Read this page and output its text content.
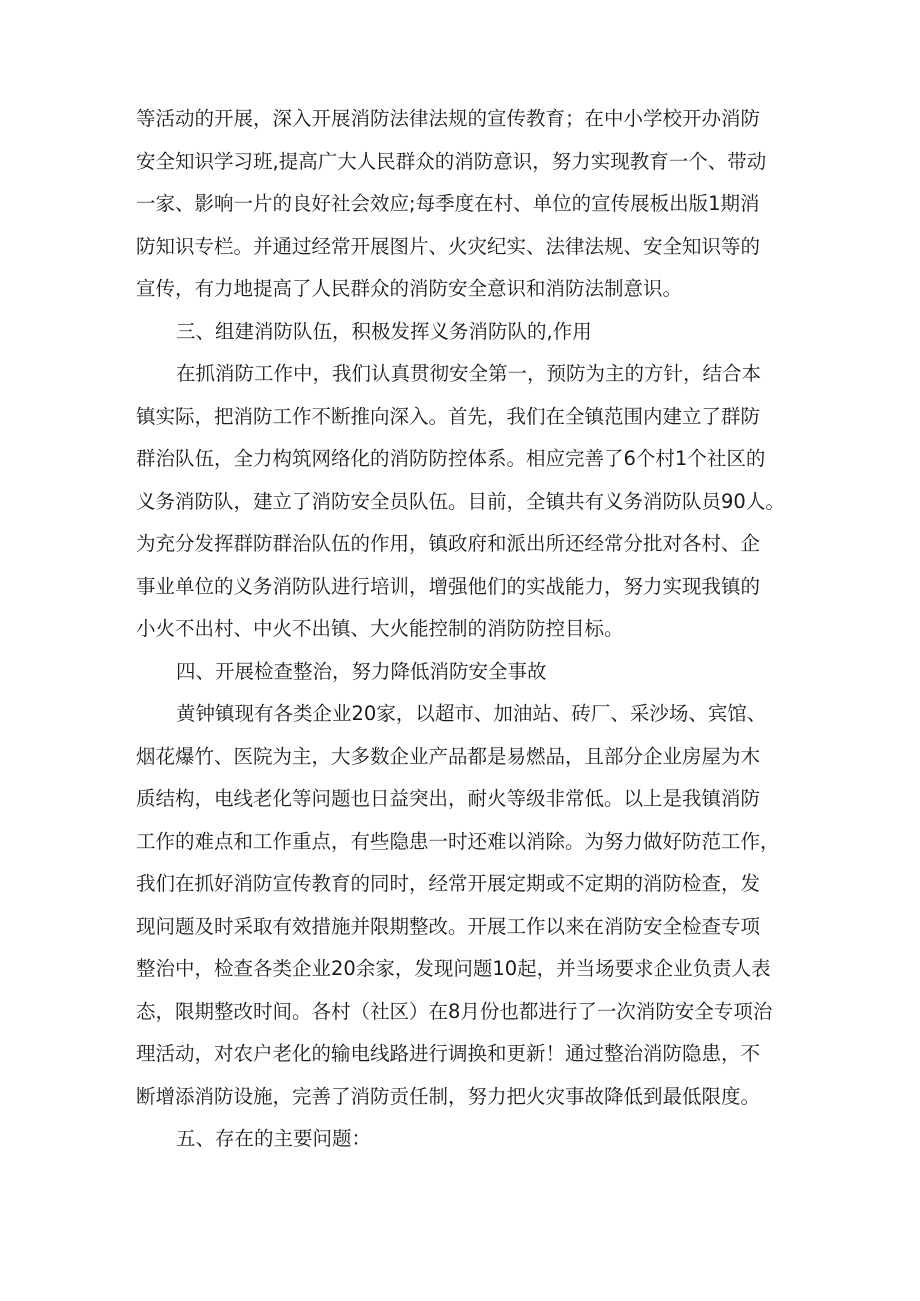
等活动的开展，深入开展消防法律法规的宣传教育；在中小学校开办消防
安全知识学习班,提高广大人民群众的消防意识，努力实现教育一个、带动
一家、影响一片的良好社会效应;每季度在村、单位的宣传展板出版1期消
防知识专栏。并通过经常开展图片、火灾纪实、法律法规、安全知识等的
宣传，有力地提高了人民群众的消防安全意识和消防法制意识。
三、组建消防队伍，积极发挥义务消防队的,作用
在抓消防工作中，我们认真贯彻安全第一，预防为主的方针，结合本
镇实际，把消防工作不断推向深入。首先，我们在全镇范围内建立了群防
群治队伍，全力构筑网络化的消防防控体系。相应完善了6个村1个社区的
义务消防队，建立了消防安全员队伍。目前，全镇共有义务消防队员90人。
为充分发挥群防群治队伍的作用，镇政府和派出所还经常分批对各村、企
事业单位的义务消防队进行培训，增强他们的实战能力，努力实现我镇的
小火不出村、中火不出镇、大火能控制的消防防控目标。
四、开展检查整治，努力降低消防安全事故
黄钟镇现有各类企业20家，以超市、加油站、砖厂、采沙场、宾馆、
烟花爆竹、医院为主，大多数企业产品都是易燃品，且部分企业房屋为木
质结构，电线老化等问题也日益突出，耐火等级非常低。以上是我镇消防
工作的难点和工作重点，有些隐患一时还难以消除。为努力做好防范工作，
我们在抓好消防宣传教育的同时，经常开展定期或不定期的消防检查，发
现问题及时采取有效措施并限期整改。开展工作以来在消防安全检查专项
整治中，检查各类企业20余家，发现问题10起，并当场要求企业负责人表
态，限期整改时间。各村（社区）在8月份也都进行了一次消防安全专项治
理活动，对农户老化的输电线路进行调换和更新！通过整治消防隐患，不
断增添消防设施，完善了消防贡任制，努力把火灾事故降低到最低限度。
五、存在的主要问题：
